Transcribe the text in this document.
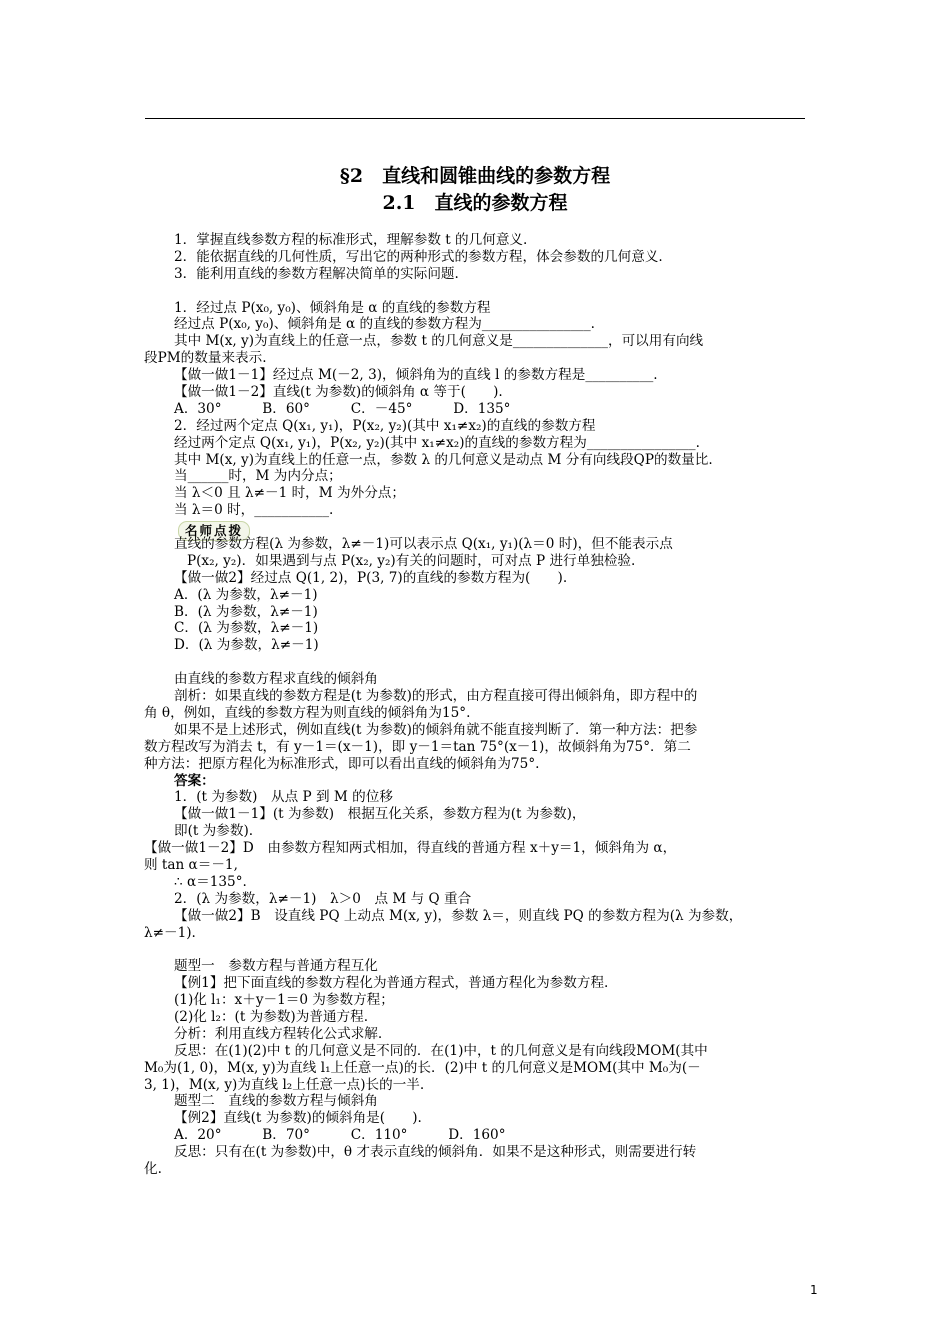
§2　直线和圆锥曲线的参数方程
2.1　直线的参数方程
1．掌握直线参数方程的标准形式，理解参数 t 的几何意义.
2．能依据直线的几何性质，写出它的两种形式的参数方程，体会参数的几何意义.
3．能利用直线的参数方程解决简单的实际问题.
1．经过点 P(x₀, y₀)、倾斜角是 α 的直线的参数方程
经过点 P(x₀, y₀)、倾斜角是 α 的直线的参数方程为________________.
其中 M(x, y)为直线上的任意一点，参数 t 的几何意义是______________，可以用有向线
段PM的数量来表示.
【做一做1－1】经过点 M(－2, 3)，倾斜角为的直线 l 的参数方程是__________.
【做一做1－2】直线(t 为参数)的倾斜角 α 等于(　　).
A．30°　　　B．60°　　　C．－45°　　　D．135°
2．经过两个定点 Q(x₁, y₁)，P(x₂, y₂)(其中 x₁≠x₂)的直线的参数方程
经过两个定点 Q(x₁, y₁)，P(x₂, y₂)(其中 x₁≠x₂)的直线的参数方程为________________.
其中 M(x, y)为直线上的任意一点，参数 λ 的几何意义是动点 M 分有向线段QP的数量比.
当______时，M 为内分点；
当 λ＜0 且 λ≠－1 时，M 为外分点；
当 λ＝0 时，___________.
名师点拨
直线的参数方程(λ 为参数，λ≠－1)可以表示点 Q(x₁, y₁)(λ＝0 时)，但不能表示点
P(x₂, y₂)．如果遇到与点 P(x₂, y₂)有关的问题时，可对点 P 进行单独检验.
【做一做2】经过点 Q(1, 2)，P(3, 7)的直线的参数方程为(　　).
A．(λ 为参数，λ≠－1)
B．(λ 为参数，λ≠－1)
C．(λ 为参数，λ≠－1)
D．(λ 为参数，λ≠－1)
由直线的参数方程求直线的倾斜角
剖析：如果直线的参数方程是(t 为参数)的形式，由方程直接可得出倾斜角，即方程中的
角 θ，例如，直线的参数方程为则直线的倾斜角为15°.
如果不是上述形式，例如直线(t 为参数)的倾斜角就不能直接判断了．第一种方法：把参
数方程改写为消去 t，有 y－1＝(x－1)，即 y－1＝tan 75°(x－1)，故倾斜角为75°．第二
种方法：把原方程化为标准形式，即可以看出直线的倾斜角为75°.
答案：
1．(t 为参数)　从点 P 到 M 的位移
【做一做1－1】(t 为参数)　根据互化关系，参数方程为(t 为参数)，
即(t 为参数).
【做一做1－2】D　由参数方程知两式相加，得直线的普通方程 x＋y＝1，倾斜角为 α，
则 tan α＝－1,
∴ α＝135°.
2．(λ 为参数，λ≠－1)　λ＞0　点 M 与 Q 重合
【做一做2】B　设直线 PQ 上动点 M(x, y)，参数 λ＝，则直线 PQ 的参数方程为(λ 为参数，
λ≠－1).
题型一　参数方程与普通方程互化
【例1】把下面直线的参数方程化为普通方程式，普通方程化为参数方程.
(1)化 l₁：x＋y－1＝0 为参数方程；
(2)化 l₂：(t 为参数)为普通方程.
分析：利用直线方程转化公式求解.
反思：在(1)(2)中 t 的几何意义是不同的．在(1)中，t 的几何意义是有向线段MOM(其中
M₀为(1, 0)，M(x, y)为直线 l₁上任意一点)的长．(2)中 t 的几何意义是MOM(其中 M₀为(－
3, 1)，M(x, y)为直线 l₂上任意一点)长的一半.
题型二　直线的参数方程与倾斜角
【例2】直线(t 为参数)的倾斜角是(　　).
A．20°　　　B．70°　　　C．110°　　　D．160°
反思：只有在(t 为参数)中，θ 才表示直线的倾斜角．如果不是这种形式，则需要进行转
化.
1
